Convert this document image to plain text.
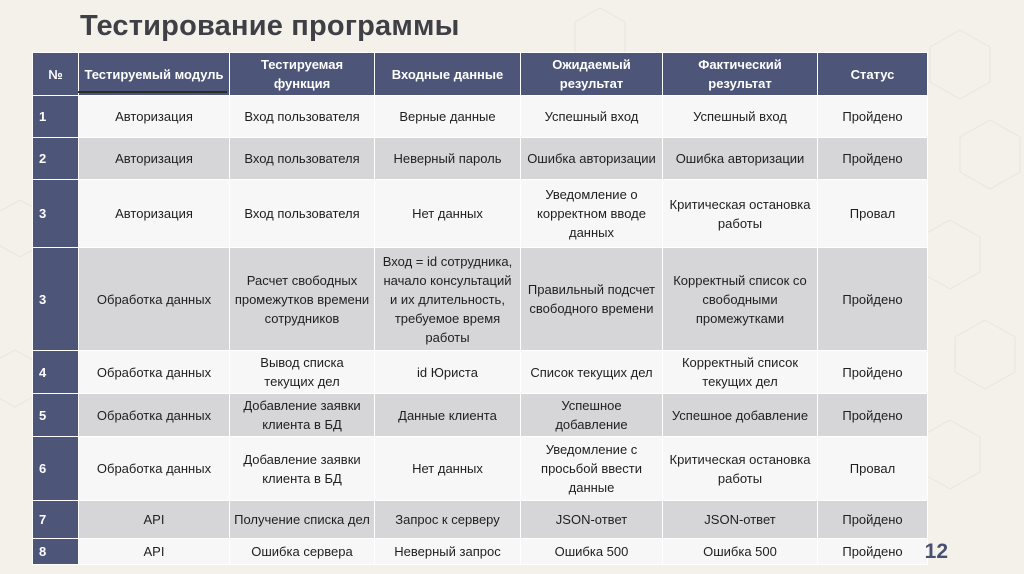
Тестирование программы
№	Тестируемый модуль	Тестируемая функция	Входные данные	Ожидаемый результат	Фактический результат	Статус
1	Авторизация	Вход пользователя	Верные данные	Успешный вход	Успешный вход	Пройдено
2	Авторизация	Вход пользователя	Неверный пароль	Ошибка авторизации	Ошибка авторизации	Пройдено
3	Авторизация	Вход пользователя	Нет данных	Уведомление о корректном вводе данных	Критическая остановка работы	Провал
3	Обработка данных	Расчет свободных промежутков времени сотрудников	Вход = id сотрудника, начало консультаций и их длительность, требуемое время работы	Правильный подсчет свободного времени	Корректный список со свободными промежутками	Пройдено
4	Обработка данных	Вывод списка текущих дел	id Юриста	Список текущих дел	Корректный список текущих дел	Пройдено
5	Обработка данных	Добавление заявки клиента в БД	Данные клиента	Успешное добавление	Успешное добавление	Пройдено
6	Обработка данных	Добавление заявки клиента в БД	Нет данных	Уведомление с просьбой ввести данные	Критическая остановка работы	Провал
7	API	Получение списка дел	Запрос к серверу	JSON-ответ	JSON-ответ	Пройдено
8	API	Ошибка сервера	Неверный запрос	Ошибка 500	Ошибка 500	Пройдено 12
